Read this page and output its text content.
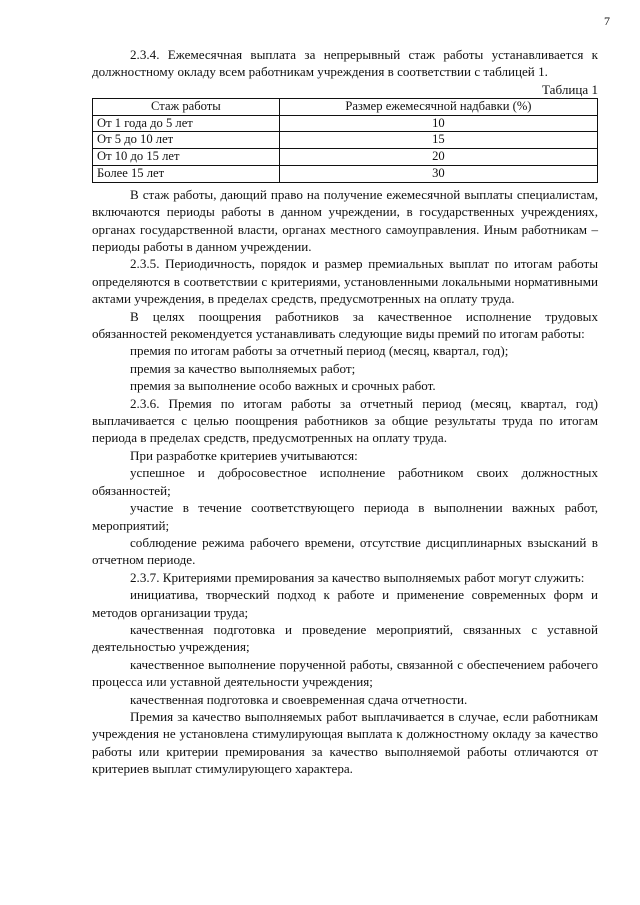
7

2.3.4. Ежемесячная выплата за непрерывный стаж работы устанавливается к должностному окладу всем работникам учреждения в соответствии с таблицей 1.

Таблица 1
Стаж работы	Размер ежемесячной надбавки (%)
От 1 года до 5 лет	10
От 5 до 10 лет	15
От 10 до 15 лет	20
Более 15 лет	30

В стаж работы, дающий право на получение ежемесячной выплаты специалистам, включаются периоды работы в данном учреждении, в государственных учреждениях, органах государственной власти, органах местного самоуправления. Иным работникам – периоды работы в данном учреждении.

2.3.5. Периодичность, порядок и размер премиальных выплат по итогам работы определяются в соответствии с критериями, установленными локальными нормативными актами учреждения, в пределах средств, предусмотренных на оплату труда.

В целях поощрения работников за качественное исполнение трудовых обязанностей рекомендуется устанавливать следующие виды премий по итогам работы:

премия по итогам работы за отчетный период (месяц, квартал, год);

премия за качество выполняемых работ;

премия за выполнение особо важных и срочных работ.

2.3.6. Премия по итогам работы за отчетный период (месяц, квартал, год) выплачивается с целью поощрения работников за общие результаты труда по итогам периода в пределах средств, предусмотренных на оплату труда.

При разработке критериев учитываются:

успешное и добросовестное исполнение работником своих должностных обязанностей;

участие в течение соответствующего периода в выполнении важных работ, мероприятий;

соблюдение режима рабочего времени, отсутствие дисциплинарных взысканий в отчетном периоде.

2.3.7. Критериями премирования за качество выполняемых работ могут служить:

инициатива, творческий подход к работе и применение современных форм и методов организации труда;

качественная подготовка и проведение мероприятий, связанных с уставной деятельностью учреждения;

качественное выполнение порученной работы, связанной с обеспечением рабочего процесса или уставной деятельности учреждения;

качественная подготовка и своевременная сдача отчетности.

Премия за качество выполняемых работ выплачивается в случае, если работникам учреждения не установлена стимулирующая выплата к должностному окладу за качество работы или критерии премирования за качество выполняемой работы отличаются от критериев выплат стимулирующего характера.
